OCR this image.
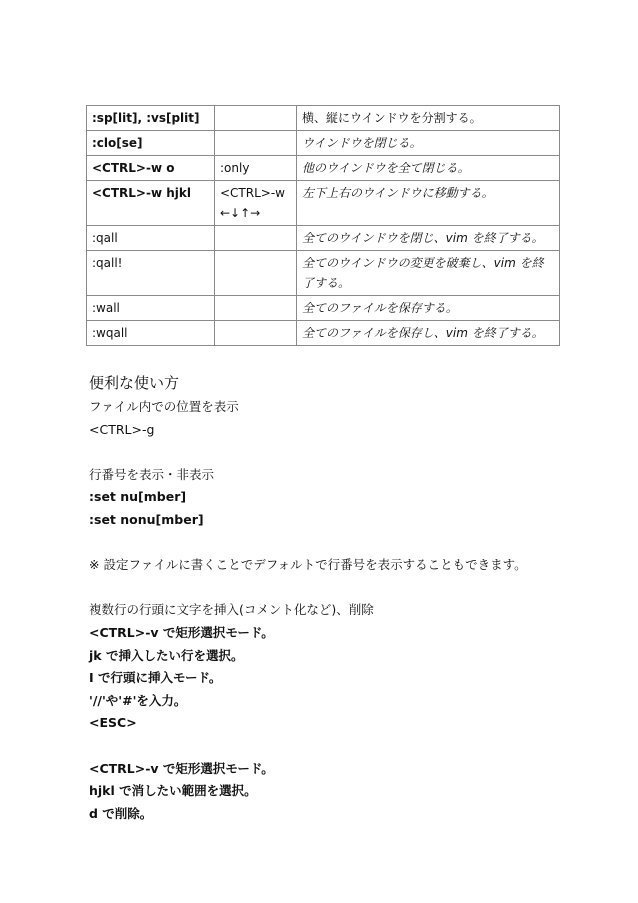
:sp[lit], :vs[plit]		横、縦にウインドウを分割する。
:clo[se]		ウインドウを閉じる。
<CTRL>-w o	:only	他のウインドウを全て閉じる。
<CTRL>-w hjkl	<CTRL>-w ←↓↑→	左下上右のウインドウに移動する。
:qall		全てのウインドウを閉じ、vim を終了する。
:qall!		全てのウインドウの変更を破棄し、vim を終了する。
:wall		全てのファイルを保存する。
:wqall		全てのファイルを保存し、vim を終了する。
便利な使い方
ファイル内での位置を表示
<CTRL>-g
行番号を表示・非表示
:set nu[mber]
:set nonu[mber]
※ 設定ファイルに書くことでデフォルトで行番号を表示することもできます。
複数行の行頭に文字を挿入(コメント化など)、削除
<CTRL>-v で矩形選択モード。
jk で挿入したい行を選択。
I で行頭に挿入モード。
'//'や'#'を入力。
<ESC>
<CTRL>-v で矩形選択モード。
hjkl で消したい範囲を選択。
d で削除。
